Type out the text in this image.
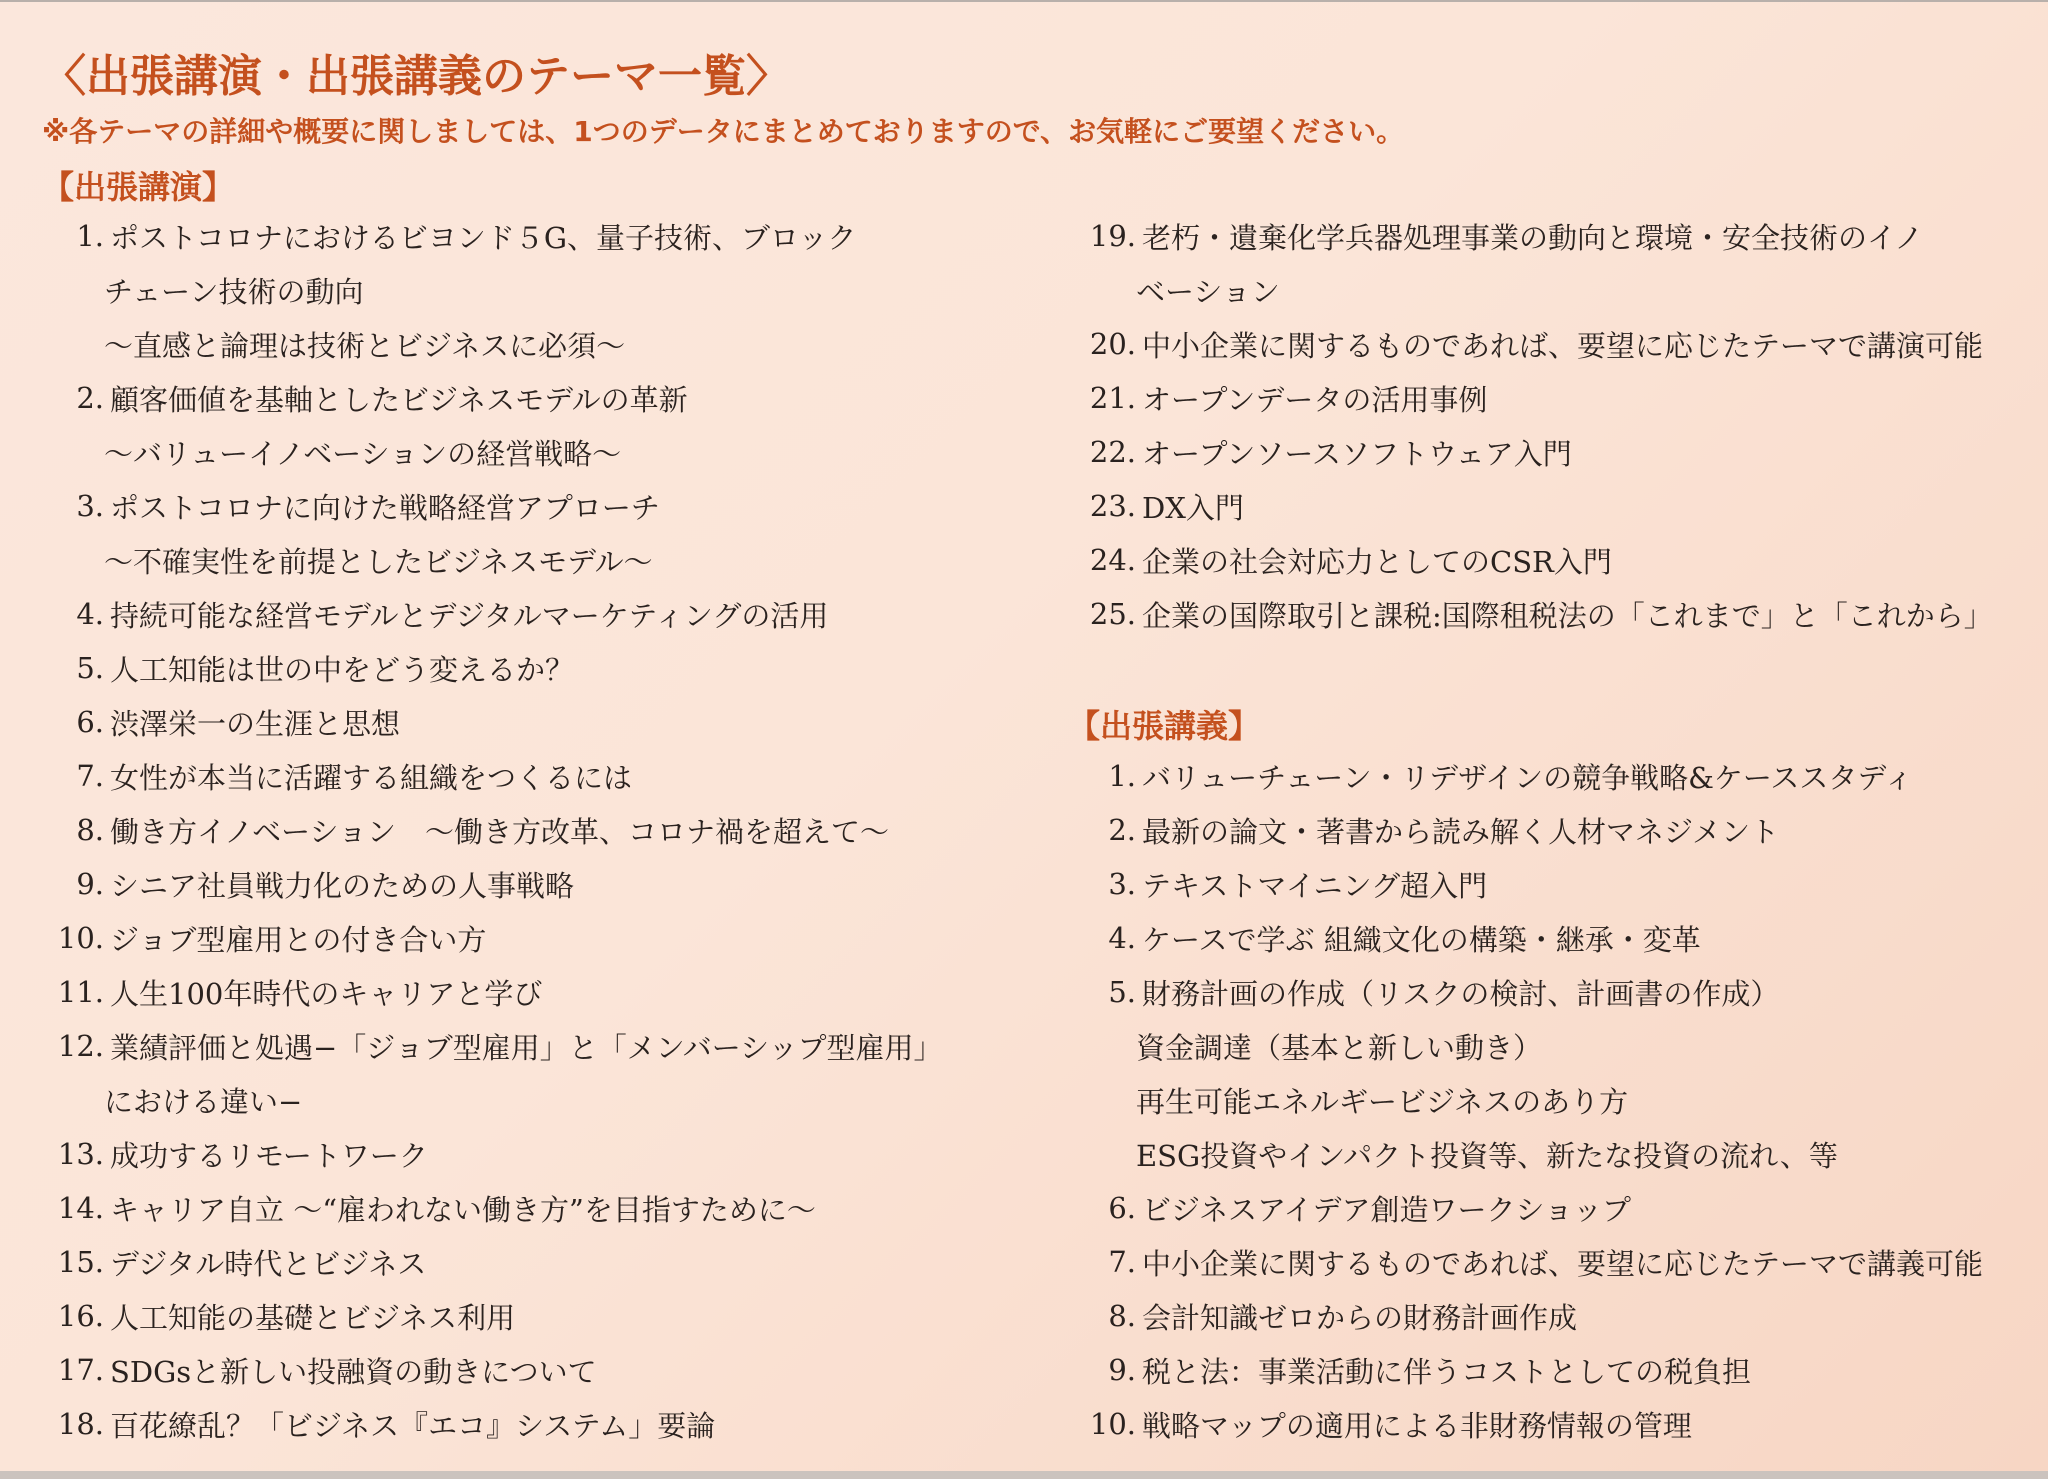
〈出張講演・出張講義のテーマ一覧〉
※各テーマの詳細や概要に関しましては、1つのデータにまとめておりますので、お気軽にご要望ください。
【出張講演】
1. ポストコロナにおけるビヨンド５G、量子技術、ブロック
チェーン技術の動向
〜直感と論理は技術とビジネスに必須〜
2. 顧客価値を基軸としたビジネスモデルの革新
〜バリューイノベーションの経営戦略〜
3. ポストコロナに向けた戦略経営アプローチ
〜不確実性を前提としたビジネスモデル〜
4. 持続可能な経営モデルとデジタルマーケティングの活用
5. 人工知能は世の中をどう変えるか？
6. 渋澤栄一の生涯と思想
7. 女性が本当に活躍する組織をつくるには
8. 働き方イノベーション　〜働き方改革、コロナ禍を超えて〜
9. シニア社員戦力化のための人事戦略
10. ジョブ型雇用との付き合い方
11. 人生100年時代のキャリアと学び
12. 業績評価と処遇−「ジョブ型雇用」と「メンバーシップ型雇用」
における違い−
13. 成功するリモートワーク
14. キャリア自立 〜“雇われない働き方”を目指すために〜
15. デジタル時代とビジネス
16. 人工知能の基礎とビジネス利用
17. SDGsと新しい投融資の動きについて
18. 百花繚乱？「ビジネス『エコ』システム」要論
19. 老朽・遺棄化学兵器処理事業の動向と環境・安全技術のイノ
ベーション
20. 中小企業に関するものであれば、要望に応じたテーマで講演可能
21. オープンデータの活用事例
22. オープンソースソフトウェア入門
23. DX入門
24. 企業の社会対応力としてのCSR入門
25. 企業の国際取引と課税:国際租税法の「これまで」と「これから」
【出張講義】
1. バリューチェーン・リデザインの競争戦略&ケーススタディ
2. 最新の論文・著書から読み解く人材マネジメント
3. テキストマイニング超入門
4. ケースで学ぶ 組織文化の構築・継承・変革
5. 財務計画の作成（リスクの検討、計画書の作成）
資金調達（基本と新しい動き）
再生可能エネルギービジネスのあり方
ESG投資やインパクト投資等、新たな投資の流れ、等
6. ビジネスアイデア創造ワークショップ
7. 中小企業に関するものであれば、要望に応じたテーマで講義可能
8. 会計知識ゼロからの財務計画作成
9. 税と法：事業活動に伴うコストとしての税負担
10. 戦略マップの適用による非財務情報の管理
